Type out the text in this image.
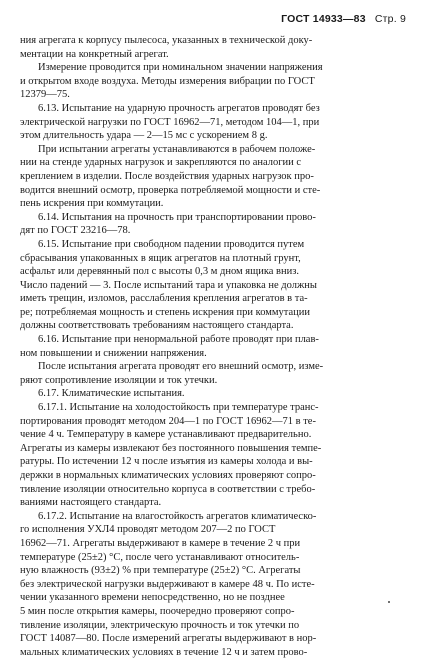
ГОСТ 14933—83 Стр. 9
ния агрегата к корпусу пылесоса, указанных в технической доку-
ментации на конкретный агрегат.
Измерение проводится при номинальном значении напряжения
и открытом входе воздуха. Методы измерения вибрации по ГОСТ
12379—75.
6.13. Испытание на ударную прочность агрегатов проводят без
электрической нагрузки по ГОСТ 16962—71, методом 104—1, при
этом длительность удара — 2—15 мс с ускорением 8 g.
При испытании агрегаты устанавливаются в рабочем положе-
нии на стенде ударных нагрузок и закрепляются по аналогии с
креплением в изделии. После воздействия ударных нагрузок про-
водится внешний осмотр, проверка потребляемой мощности и сте-
пень искрения при коммутации.
6.14. Испытания на прочность при транспортировании прово-
дят по ГОСТ 23216—78.
6.15. Испытание при свободном падении проводится путем
сбрасывания упакованных в ящик агрегатов на плотный грунт,
асфальт или деревянный пол с высоты 0,3 м дном ящика вниз.
Число падений — 3. После испытаний тара и упаковка не должны
иметь трещин, изломов, расслабления крепления агрегатов в та-
ре; потребляемая мощность и степень искрения при коммутации
должны соответствовать требованиям настоящего стандарта.
6.16. Испытание при ненормальной работе проводят при плав-
ном повышении и снижении напряжения.
После испытания агрегата проводят его внешний осмотр, изме-
ряют сопротивление изоляции и ток утечки.
6.17. Климатические испытания.
6.17.1. Испытание на холодостойкость при температуре транс-
портирования проводят методом 204—1 по ГОСТ 16962—71 в те-
чение 4 ч. Температуру в камере устанавливают предварительно.
Агрегаты из камеры извлекают без постоянного повышения темпе-
ратуры. По истечении 12 ч после изъятия из камеры холода и вы-
держки в нормальных климатических условиях проверяют сопро-
тивление изоляции относительно корпуса в соответствии с требо-
ваниями настоящего стандарта.
6.17.2. Испытание на влагостойкость агрегатов климатическо-
го исполнения УХЛ4 проводят методом 207—2 по ГОСТ
16962—71. Агрегаты выдерживают в камере в течение 2 ч при
температуре (25±2) °С, после чего устанавливают относитель-
ную влажность (93±2) % при температуре (25±2) °С. Агрегаты
без электрической нагрузки выдерживают в камере 48 ч. По исте-
чении указанного времени непосредственно, но не позднее
5 мин после открытия камеры, поочередно проверяют сопро-
тивление изоляции, электрическую прочность и ток утечки по
ГОСТ 14087—80. После измерений агрегаты выдерживают в нор-
мальных климатических условиях в течение 12 ч и затем прово-
